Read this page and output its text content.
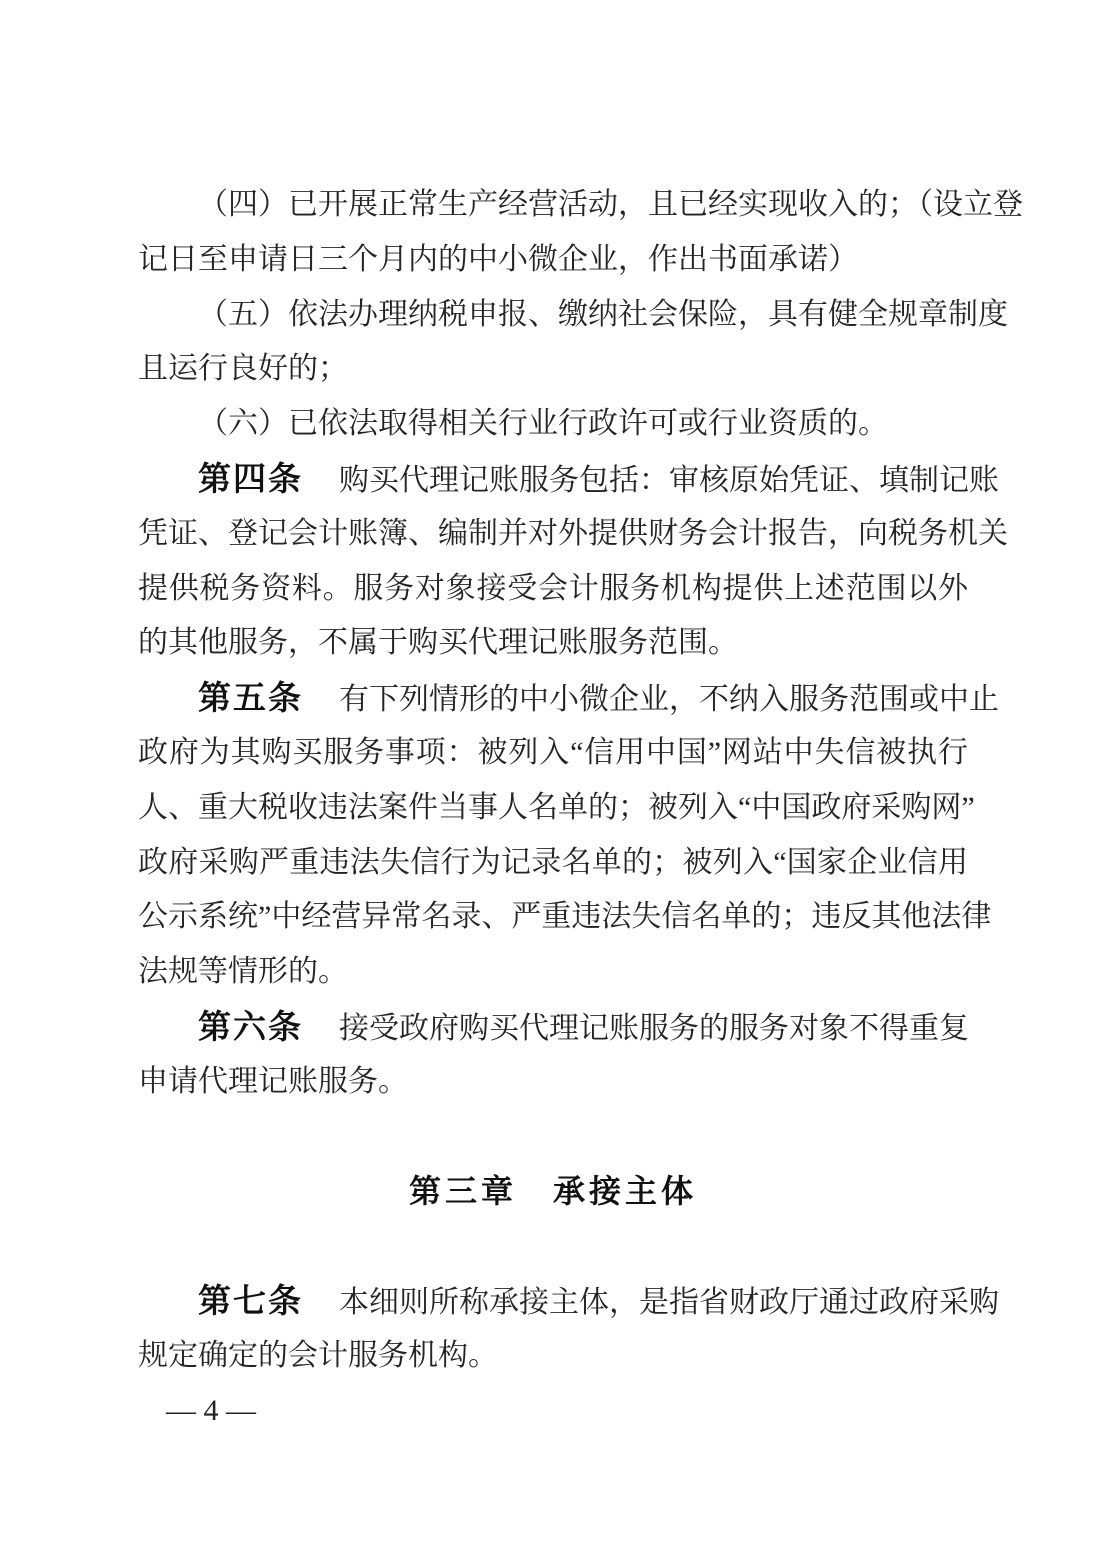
（四）已开展正常生产经营活动，且已经实现收入的；（设立登
记日至申请日三个月内的中小微企业，作出书面承诺）
（五）依法办理纳税申报、缴纳社会保险，具有健全规章制度
且运行良好的；
（六）已依法取得相关行业行政许可或行业资质的。
第四条 购买代理记账服务包括：审核原始凭证、填制记账
凭证、登记会计账簿、编制并对外提供财务会计报告，向税务机关
提供税务资料。服务对象接受会计服务机构提供上述范围以外
的其他服务，不属于购买代理记账服务范围。
第五条 有下列情形的中小微企业，不纳入服务范围或中止
政府为其购买服务事项：被列入“信用中国”网站中失信被执行
人、重大税收违法案件当事人名单的；被列入“中国政府采购网”
政府采购严重违法失信行为记录名单的；被列入“国家企业信用
公示系统”中经营异常名录、严重违法失信名单的；违反其他法律
法规等情形的。
第六条 接受政府购买代理记账服务的服务对象不得重复
申请代理记账服务。
第三章　承接主体
第七条 本细则所称承接主体，是指省财政厅通过政府采购
规定确定的会计服务机构。
— 4 —
